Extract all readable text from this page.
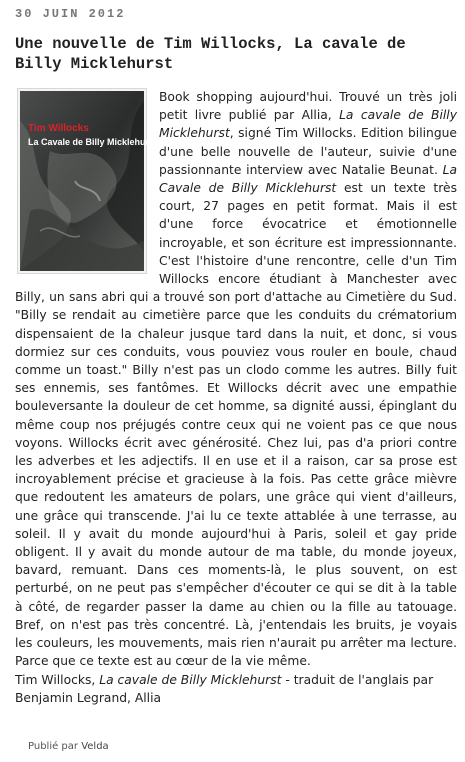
30 JUIN 2012
Une nouvelle de Tim Willocks, La cavale de Billy Micklehurst
Tim Willocks
La Cavale de Billy Micklehurst
Book shopping aujourd'hui. Trouvé un très joli petit livre publié par Allia, La cavale de Billy Micklehurst, signé Tim Willocks. Edition bilingue d'une belle nouvelle de l'auteur, suivie d'une passionnante interview avec Natalie Beunat. La Cavale de Billy Micklehurst est un texte très court, 27 pages en petit format. Mais il est d'une force évocatrice et émotionnelle incroyable, et son écriture est impressionnante. C'est l'histoire d'une rencontre, celle d'un Tim Willocks encore étudiant à Manchester avec Billy, un sans abri qui a trouvé son port d'attache au Cimetière du Sud. "Billy se rendait au cimetière parce que les conduits du crématorium dispensaient de la chaleur jusque tard dans la nuit, et donc, si vous dormiez sur ces conduits, vous pouviez vous rouler en boule, chaud comme un toast." Billy n'est pas un clodo comme les autres. Billy fuit ses ennemis, ses fantômes. Et Willocks décrit avec une empathie bouleversante la douleur de cet homme, sa dignité aussi, épinglant du même coup nos préjugés contre ceux qui ne voient pas ce que nous voyons. Willocks écrit avec générosité. Chez lui, pas d'a priori contre les adverbes et les adjectifs. Il en use et il a raison, car sa prose est incroyablement précise et gracieuse à la fois. Pas cette grâce mièvre que redoutent les amateurs de polars, une grâce qui vient d'ailleurs, une grâce qui transcende. J'ai lu ce texte attablée à une terrasse, au soleil. Il y avait du monde aujourd'hui à Paris, soleil et gay pride obligent. Il y avait du monde autour de ma table, du monde joyeux, bavard, remuant. Dans ces moments-là, le plus souvent, on est perturbé, on ne peut pas s'empêcher d'écouter ce qui se dit à la table à côté, de regarder passer la dame au chien ou la fille au tatouage. Bref, on n'est pas très concentré. Là, j'entendais les bruits, je voyais les couleurs, les mouvements, mais rien n'aurait pu arrêter ma lecture. Parce que ce texte est au cœur de la vie même.
Tim Willocks, La cavale de Billy Micklehurst - traduit de l'anglais par Benjamin Legrand, Allia
Publié par Velda
